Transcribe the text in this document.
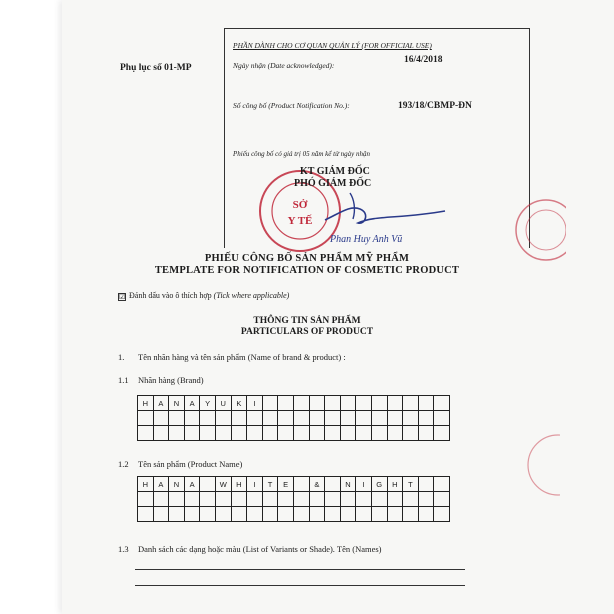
Phụ lục số 01-MP
PHẦN DÀNH CHO CƠ QUAN QUẢN LÝ (FOR OFFICIAL USE)
Ngày nhận (Date acknowledged):
16/4/2018
Số công bố (Product Notification No.):	193/18/CBMP-ĐN
Phiếu công bố có giá trị 05 năm kể từ ngày nhận
SỞ
Y TẾ
KT GIÁM ĐỐC
PHÓ GIÁM ĐỐC
Phan Huy Anh Vũ
PHIẾU CÔNG BỐ SẢN PHẨM MỸ PHẨM
TEMPLATE FOR NOTIFICATION OF COSMETIC PRODUCT
☑ Đánh dấu vào ô thích hợp (Tick where applicable)
THÔNG TIN SẢN PHẨM
PARTICULARS OF PRODUCT
1. Tên nhãn hàng và tên sản phẩm (Name of brand & product) :
1.1 Nhãn hàng (Brand)
H	A	N	A	Y	U	K	I												

1.2 Tên sản phẩm (Product Name)
H	A	N	A		W	H	I	T	E		&		N	I	G	H	T		

1.3 Danh sách các dạng hoặc màu (List of Variants or Shade). Tên (Names)
